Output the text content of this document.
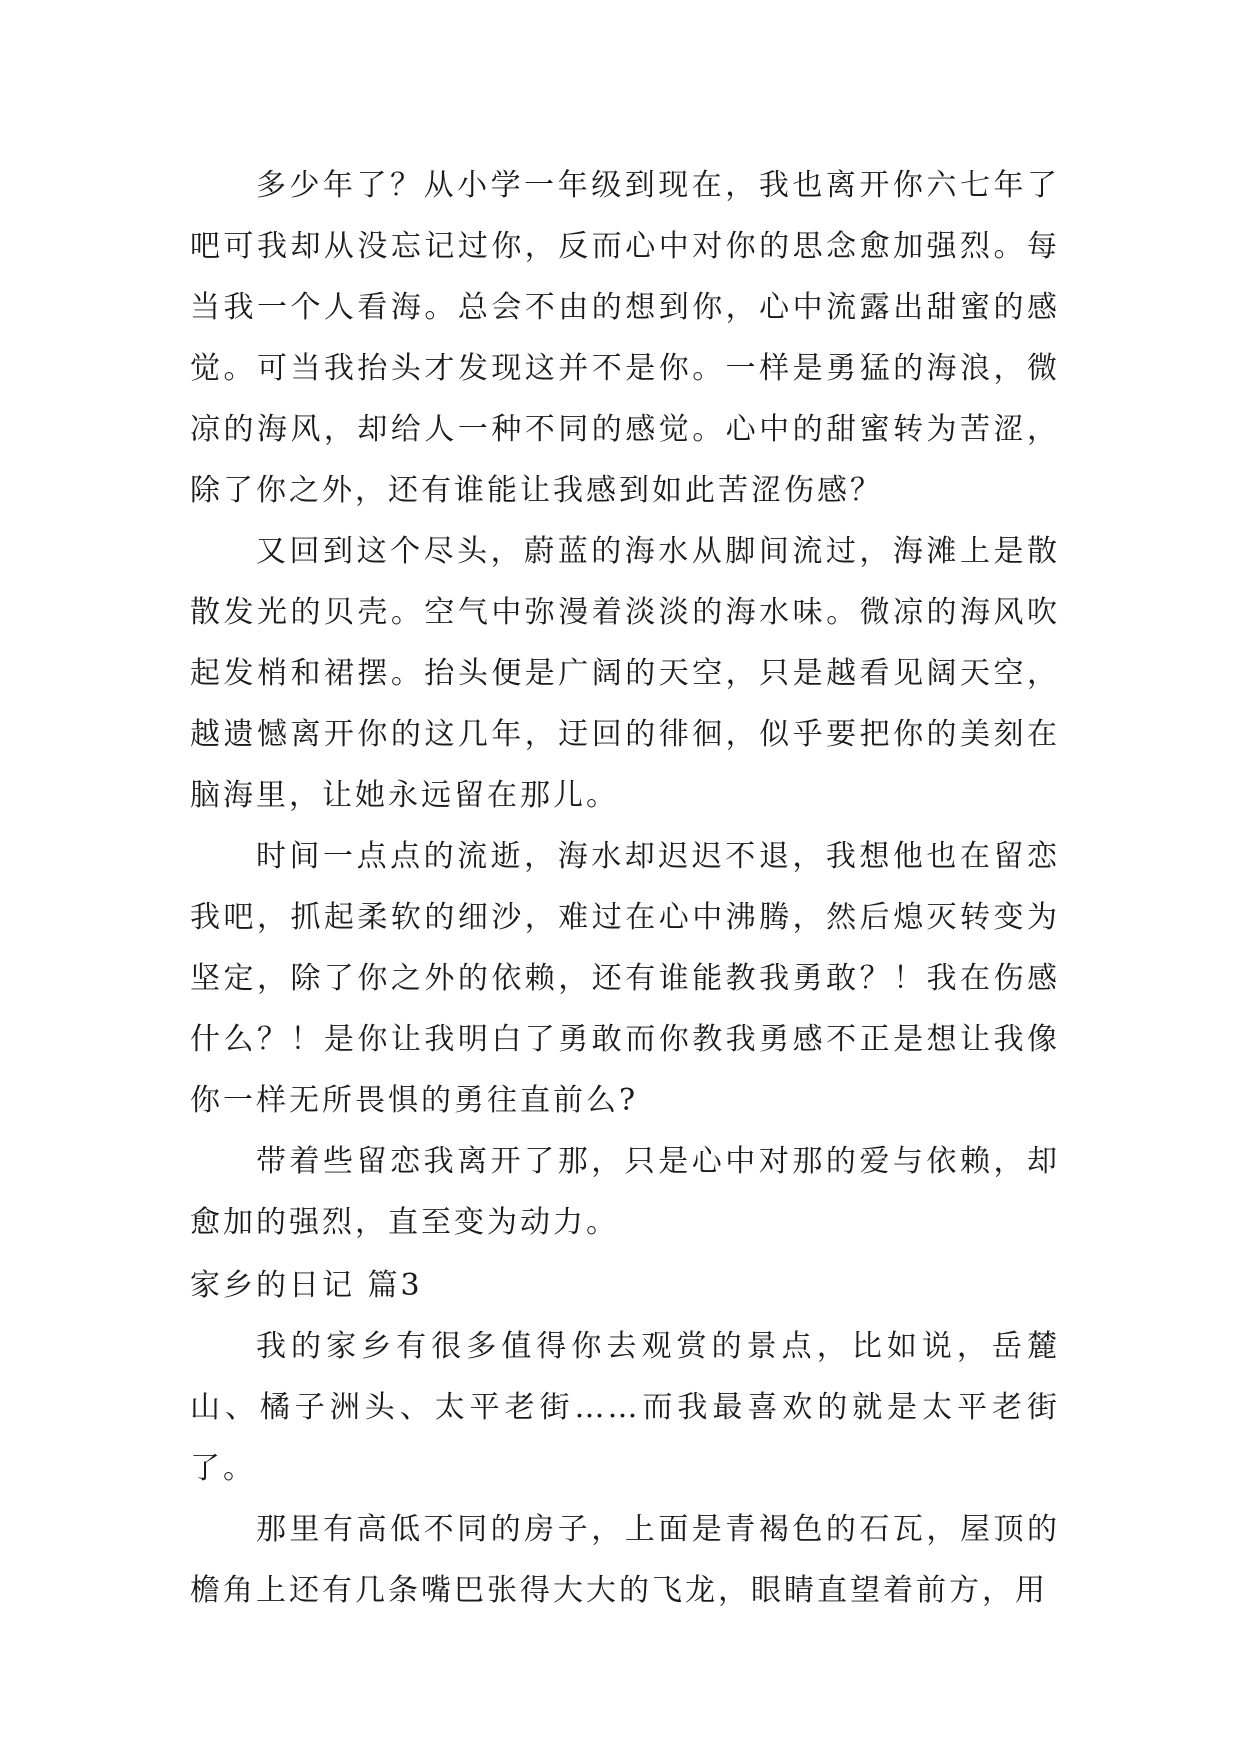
多少年了？从小学一年级到现在，我也离开你六七年了吧可我却从没忘记过你，反而心中对你的思念愈加强烈。每当我一个人看海。总会不由的想到你，心中流露出甜蜜的感觉。可当我抬头才发现这并不是你。一样是勇猛的海浪，微凉的海风，却给人一种不同的感觉。心中的甜蜜转为苦涩，除了你之外，还有谁能让我感到如此苦涩伤感？

又回到这个尽头，蔚蓝的海水从脚间流过，海滩上是散散发光的贝壳。空气中弥漫着淡淡的海水味。微凉的海风吹起发梢和裙摆。抬头便是广阔的天空，只是越看见阔天空，越遗憾离开你的这几年，迂回的徘徊，似乎要把你的美刻在脑海里，让她永远留在那儿。

时间一点点的流逝，海水却迟迟不退，我想他也在留恋我吧，抓起柔软的细沙，难过在心中沸腾，然后熄灭转变为坚定，除了你之外的依赖，还有谁能教我勇敢？！我在伤感什么？！是你让我明白了勇敢而你教我勇感不正是想让我像你一样无所畏惧的勇往直前么?

带着些留恋我离开了那，只是心中对那的爱与依赖，却愈加的强烈，直至变为动力。

家乡的日记 篇3

我的家乡有很多值得你去观赏的景点，比如说，岳麓山、橘子洲头、太平老街……而我最喜欢的就是太平老街了。

那里有高低不同的房子，上面是青褐色的石瓦，屋顶的檐角上还有几条嘴巴张得大大的飞龙，眼睛直望着前方，用
